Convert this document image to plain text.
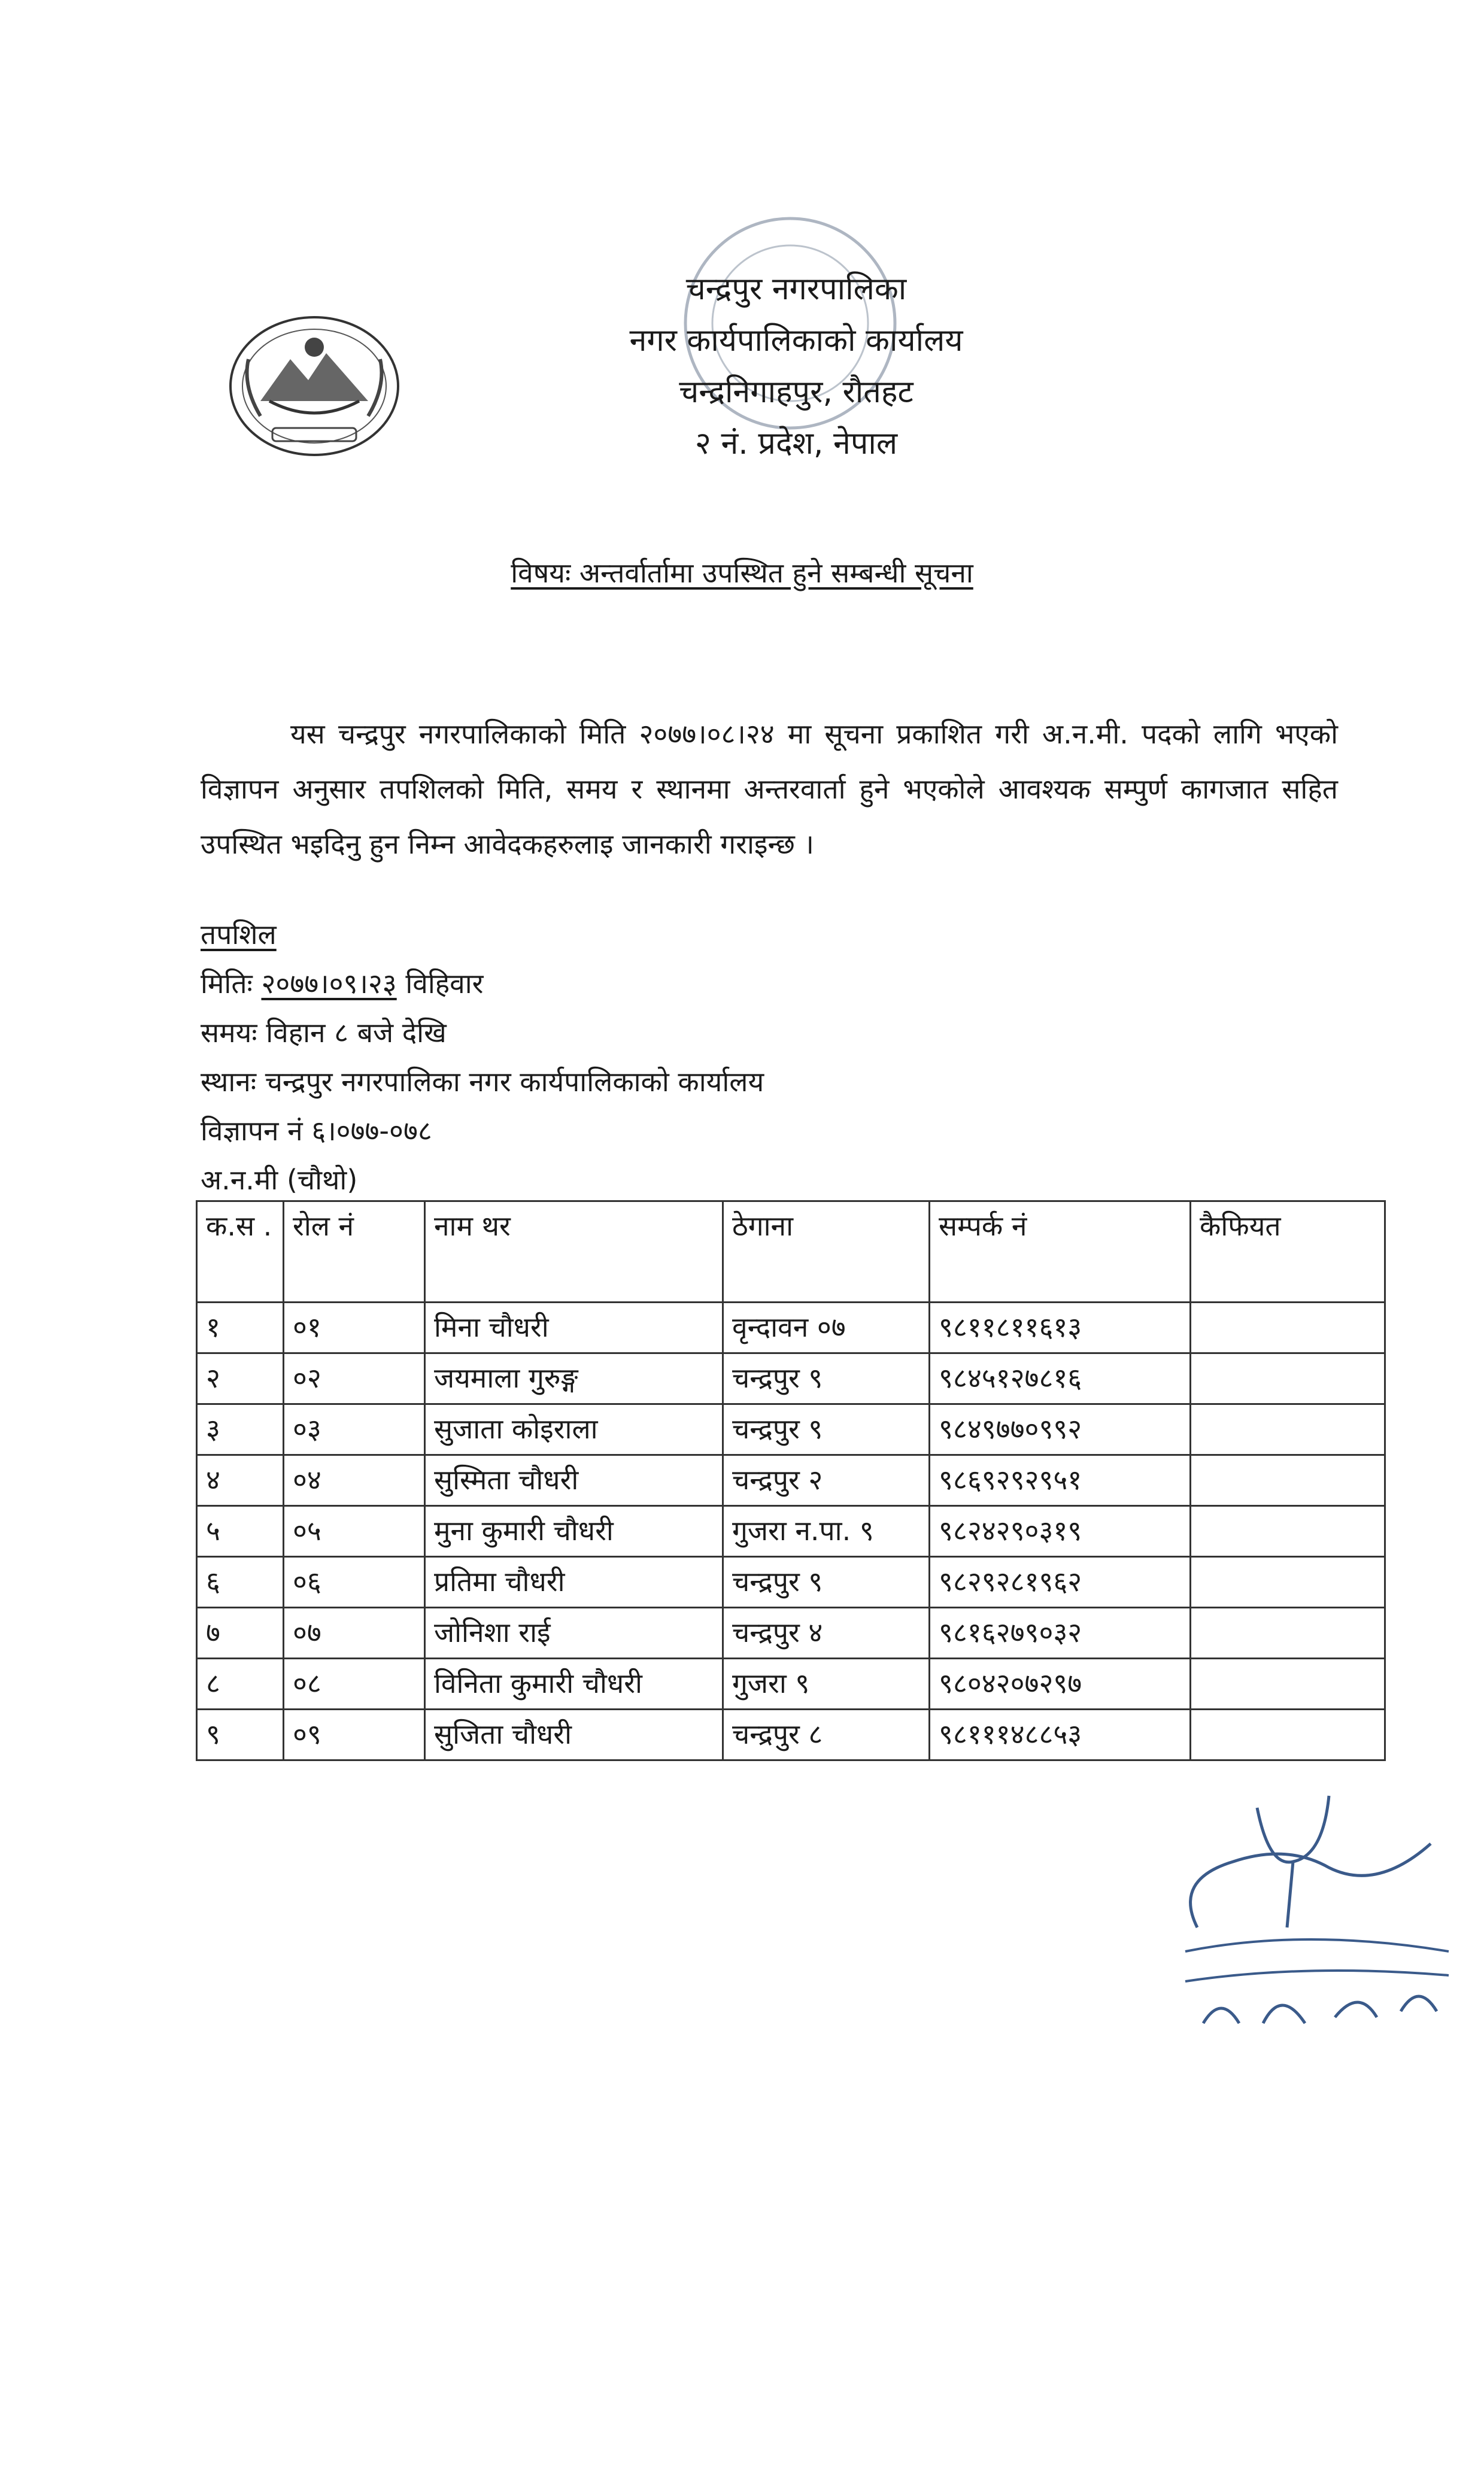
चन्द्रपुर नगरपालिका
नगर कार्यपालिकाको कार्यालय
चन्द्रनिगाहपुर, रौतहट
२ नं. प्रदेश, नेपाल
विषयः अन्तर्वार्तामा उपस्थित हुने सम्बन्धी सूचना

यस चन्द्रपुर नगरपालिकाको मिति २०७७।०८।२४ मा सूचना प्रकाशित गरी अ.न.मी. पदको लागि भएको विज्ञापन अनुसार तपशिलको मिति, समय र स्थानमा अन्तरवार्ता हुने भएकोले आवश्यक सम्पुर्ण कागजात सहित उपस्थित भइदिनु हुन निम्न आवेदकहरुलाइ जानकारी गराइन्छ ।

तपशिल
मितिः २०७७।०९।२३ विहिवार
समयः विहान ८ बजे देखि
स्थानः चन्द्रपुर नगरपालिका नगर कार्यपालिकाको कार्यालय
विज्ञापन नं ६।०७७-०७८
अ.न.मी (चौथो)
क.स .	रोल नं	नाम थर	ठेगाना	सम्पर्क नं	कैफियत
१	०१	मिना चौधरी	वृन्दावन ०७	९८११८११६१३	
२	०२	जयमाला गुरुङ्ग	चन्द्रपुर ९	९८४५१२७८१६	
३	०३	सुजाता कोइराला	चन्द्रपुर ९	९८४९७७०९९२	
४	०४	सुस्मिता चौधरी	चन्द्रपुर २	९८६९२९२९५१	
५	०५	मुना कुमारी चौधरी	गुजरा न.पा. ९	९८२४२९०३१९	
६	०६	प्रतिमा चौधरी	चन्द्रपुर ९	९८२९२८१९६२	
७	०७	जोनिशा राई	चन्द्रपुर ४	९८१६२७९०३२	
८	०८	विनिता कुमारी चौधरी	गुजरा ९	९८०४२०७२९७	
९	०९	सुजिता चौधरी	चन्द्रपुर ८	९८१११४८८५३	
